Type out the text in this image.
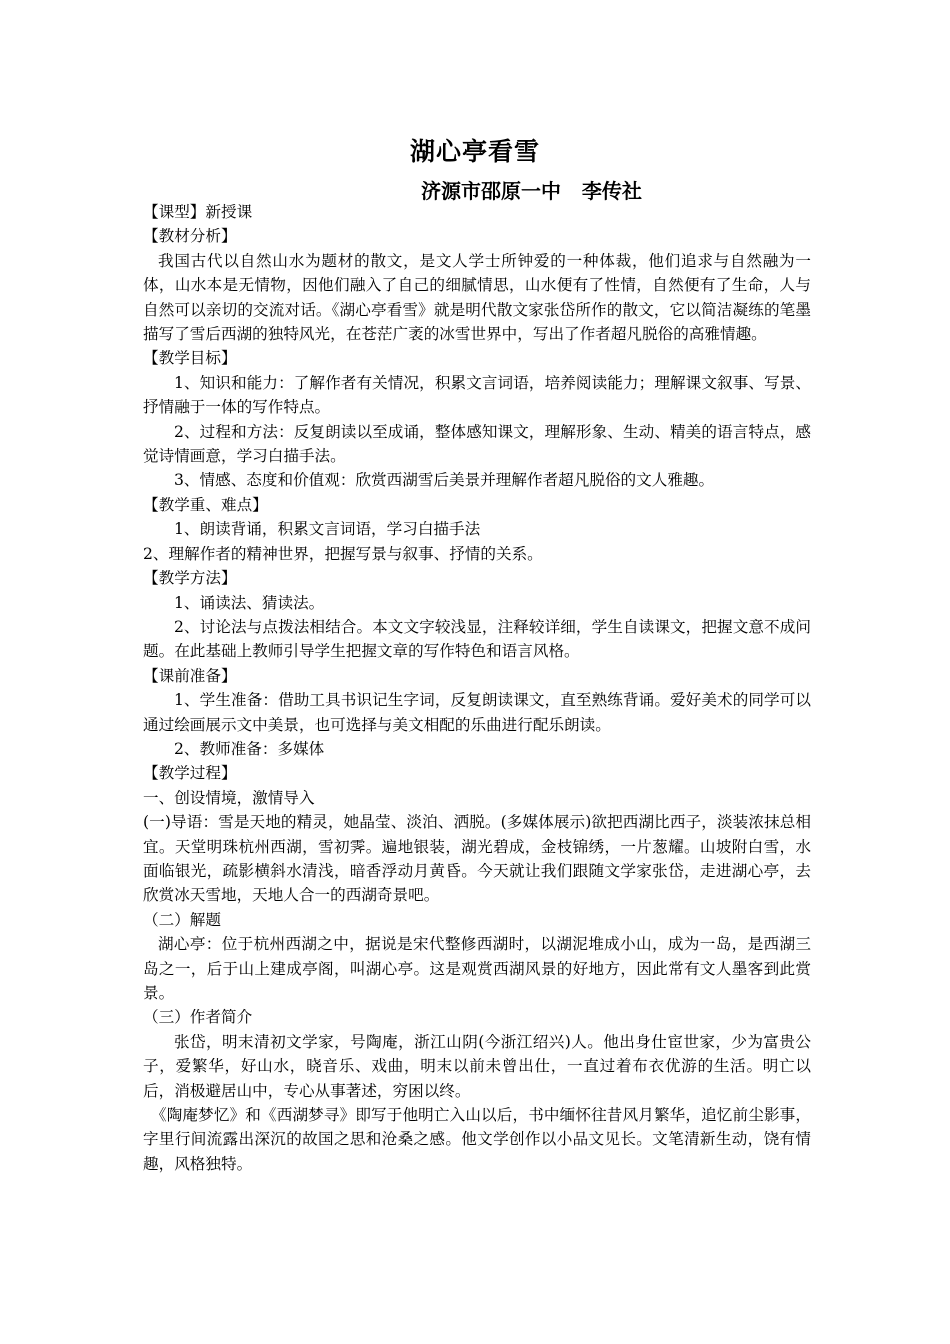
湖心亭看雪
济源市邵原一中   李传社

【课型】新授课

【教材分析】

我国古代以自然山水为题材的散文，是文人学士所钟爱的一种体裁，他们追求与自然融为一体，山水本是无情物，因他们融入了自己的细腻情思，山水便有了性情，自然便有了生命，人与自然可以亲切的交流对话。《湖心亭看雪》就是明代散文家张岱所作的散文，它以简洁凝练的笔墨描写了雪后西湖的独特风光，在苍茫广袤的冰雪世界中，写出了作者超凡脱俗的高雅情趣。

【教学目标】

1、知识和能力：了解作者有关情况，积累文言词语，培养阅读能力；理解课文叙事、写景、抒情融于一体的写作特点。

2、过程和方法：反复朗读以至成诵，整体感知课文，理解形象、生动、精美的语言特点，感觉诗情画意，学习白描手法。

3、情感、态度和价值观：欣赏西湖雪后美景并理解作者超凡脱俗的文人雅趣。

【教学重、难点】

1、朗读背诵，积累文言词语，学习白描手法

2、理解作者的精神世界，把握写景与叙事、抒情的关系。

【教学方法】

1、诵读法、猜读法。

2、讨论法与点拨法相结合。本文文字较浅显，注释较详细，学生自读课文，把握文意不成问题。在此基础上教师引导学生把握文章的写作特色和语言风格。

【课前准备】

1、学生准备：借助工具书识记生字词，反复朗读课文，直至熟练背诵。爱好美术的同学可以通过绘画展示文中美景，也可选择与美文相配的乐曲进行配乐朗读。

2、教师准备：多媒体

【教学过程】

一、创设情境，激情导入

(一)导语：雪是天地的精灵，她晶莹、淡泊、洒脱。(多媒体展示)欲把西湖比西子，淡装浓抹总相宜。天堂明珠杭州西湖，雪初霁。遍地银装，湖光碧成，金枝锦绣，一片葱耀。山坡附白雪，水面临银光，疏影横斜水清浅，暗香浮动月黄昏。今天就让我们跟随文学家张岱，走进湖心亭，去欣赏冰天雪地，天地人合一的西湖奇景吧。

（二）解题

湖心亭：位于杭州西湖之中，据说是宋代整修西湖时，以湖泥堆成小山，成为一岛，是西湖三岛之一，后于山上建成亭阁，叫湖心亭。这是观赏西湖风景的好地方，因此常有文人墨客到此赏景。

（三）作者简介

张岱，明末清初文学家，号陶庵，浙江山阴(今浙江绍兴)人。他出身仕宦世家，少为富贵公子，爱繁华，好山水，晓音乐、戏曲，明末以前未曾出仕，一直过着布衣优游的生活。明亡以后，消极避居山中，专心从事著述，穷困以终。

《陶庵梦忆》和《西湖梦寻》即写于他明亡入山以后，书中缅怀往昔风月繁华，追忆前尘影事，字里行间流露出深沉的故国之思和沧桑之感。他文学创作以小品文见长。文笔清新生动，饶有情趣，风格独特。
